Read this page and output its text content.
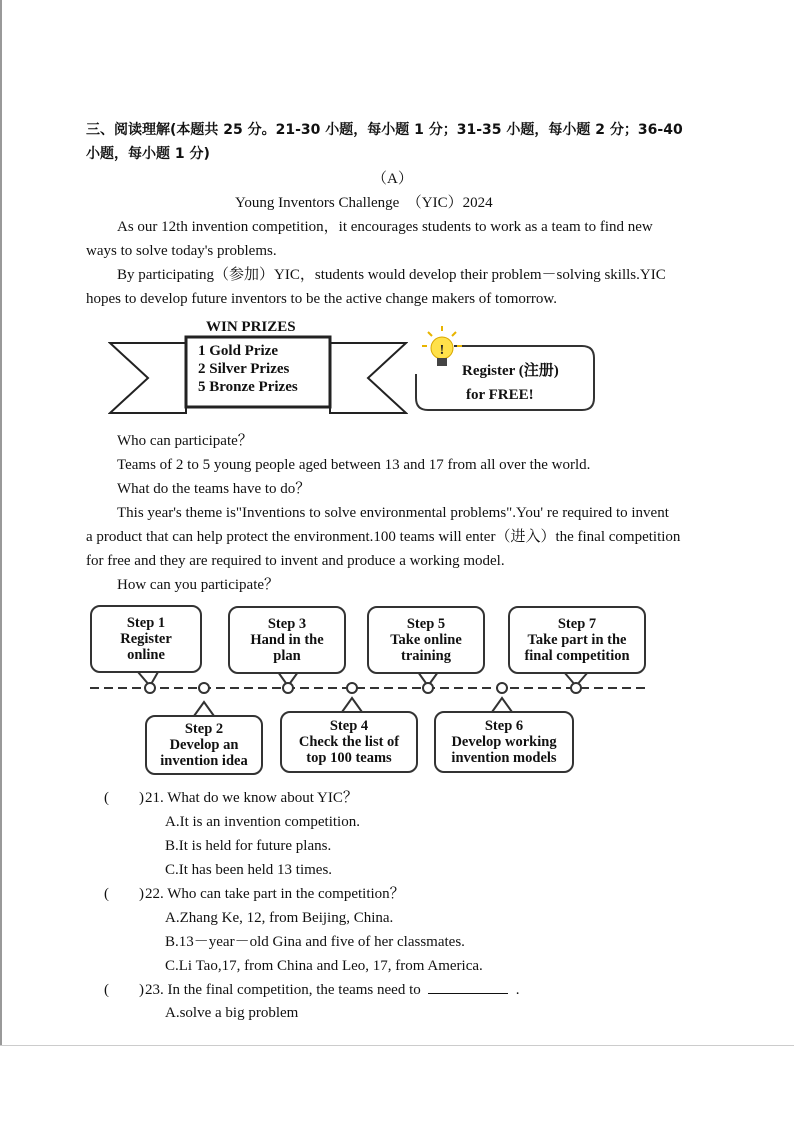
三、阅读理解(本题共 25 分。21-30 小题，每小题 1 分；31-35 小题，每小题 2 分；36-40
小题，每小题 1 分)
（A）
Young Inventors Challenge　（YIC）2024
As our 12th invention competition，it encourages students to work as a team to find new
ways to solve today's problems.
By participating（参加）YIC，students would develop their problem－solving skills.YIC
hopes to develop future inventors to be the active change makers of tomorrow.
WIN PRIZES
1 Gold Prize
2 Silver Prizes
5 Bronze Prizes
!
Register (注册)
for FREE!
Who can participate？
Teams of 2 to 5 young people aged between 13 and 17 from all over the world.
What do the teams have to do？
This year's theme is"Inventions to solve environmental problems".You' re required to invent
a product that can help protect the environment.100 teams will enter（进入）the final competition
for free and they are required to invent and produce a working model.
How can you participate？
Step 1
Register
online
Step 3
Hand in the
plan
Step 5
Take online
training
Step 7
Take part in the
final competition
Step 2
Develop an
invention idea
Step 4
Check the list of
top 100 teams
Step 6
Develop working
invention models
(　　) 21. What do we know about YIC？
A.It is an invention competition.
B.It is held for future plans.
C.It has been held 13 times.
(　　) 22. Who can take part in the competition？
A.Zhang Ke, 12, from Beijing, China.
B.13－year－old Gina and five of her classmates.
C.Li Tao,17, from China and Leo, 17, from America.
(　　) 23. In the final competition, the teams need to	.
A.solve a big problem
